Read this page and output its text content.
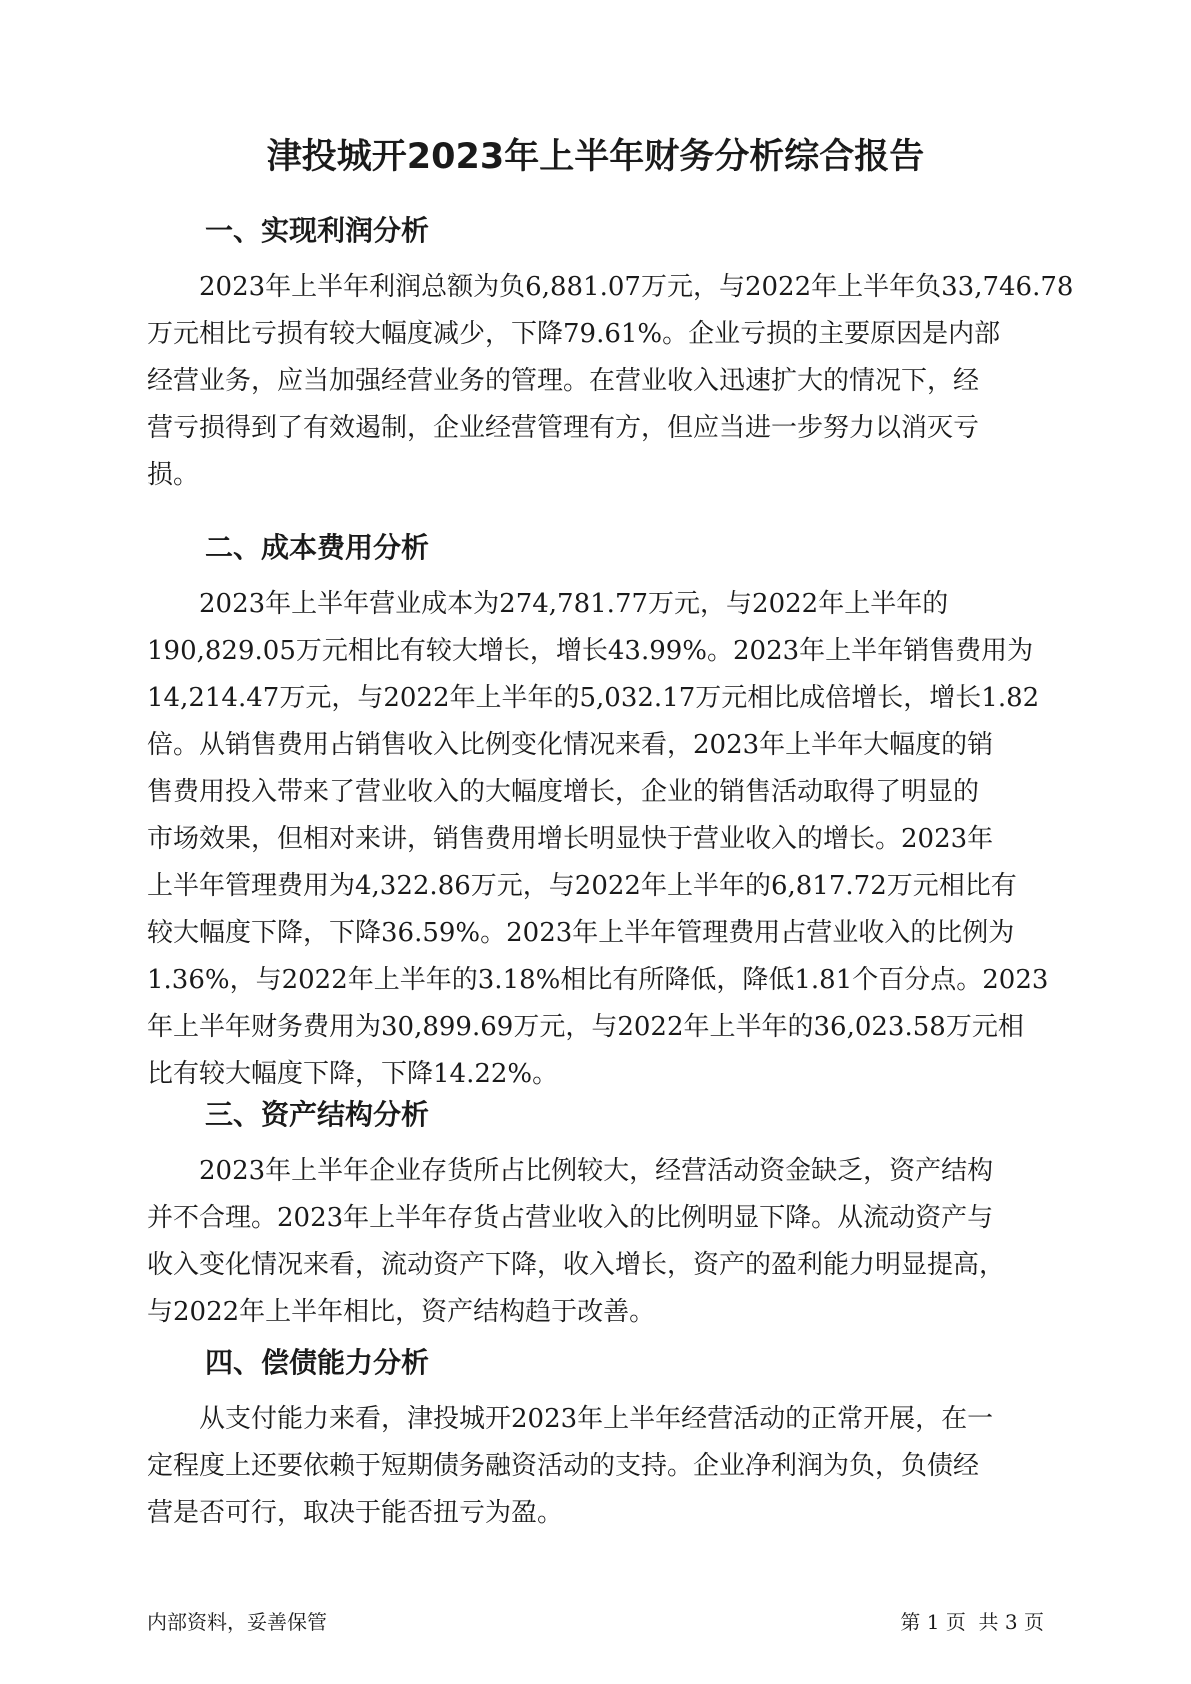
津投城开2023年上半年财务分析综合报告
一、实现利润分析
2023年上半年利润总额为负6,881.07万元，与2022年上半年负33,746.78
万元相比亏损有较大幅度减少，下降79.61%。企业亏损的主要原因是内部
经营业务，应当加强经营业务的管理。在营业收入迅速扩大的情况下，经
营亏损得到了有效遏制，企业经营管理有方，但应当进一步努力以消灭亏
损。
二、成本费用分析
2023年上半年营业成本为274,781.77万元，与2022年上半年的
190,829.05万元相比有较大增长，增长43.99%。2023年上半年销售费用为
14,214.47万元，与2022年上半年的5,032.17万元相比成倍增长，增长1.82
倍。从销售费用占销售收入比例变化情况来看，2023年上半年大幅度的销
售费用投入带来了营业收入的大幅度增长，企业的销售活动取得了明显的
市场效果，但相对来讲，销售费用增长明显快于营业收入的增长。2023年
上半年管理费用为4,322.86万元，与2022年上半年的6,817.72万元相比有
较大幅度下降，下降36.59%。2023年上半年管理费用占营业收入的比例为
1.36%，与2022年上半年的3.18%相比有所降低，降低1.81个百分点。2023
年上半年财务费用为30,899.69万元，与2022年上半年的36,023.58万元相
比有较大幅度下降，下降14.22%。
三、资产结构分析
2023年上半年企业存货所占比例较大，经营活动资金缺乏，资产结构
并不合理。2023年上半年存货占营业收入的比例明显下降。从流动资产与
收入变化情况来看，流动资产下降，收入增长，资产的盈利能力明显提高，
与2022年上半年相比，资产结构趋于改善。
四、偿债能力分析
从支付能力来看，津投城开2023年上半年经营活动的正常开展，在一
定程度上还要依赖于短期债务融资活动的支持。企业净利润为负，负债经
营是否可行，取决于能否扭亏为盈。
内部资料，妥善保管	第 1 页  共 3 页
